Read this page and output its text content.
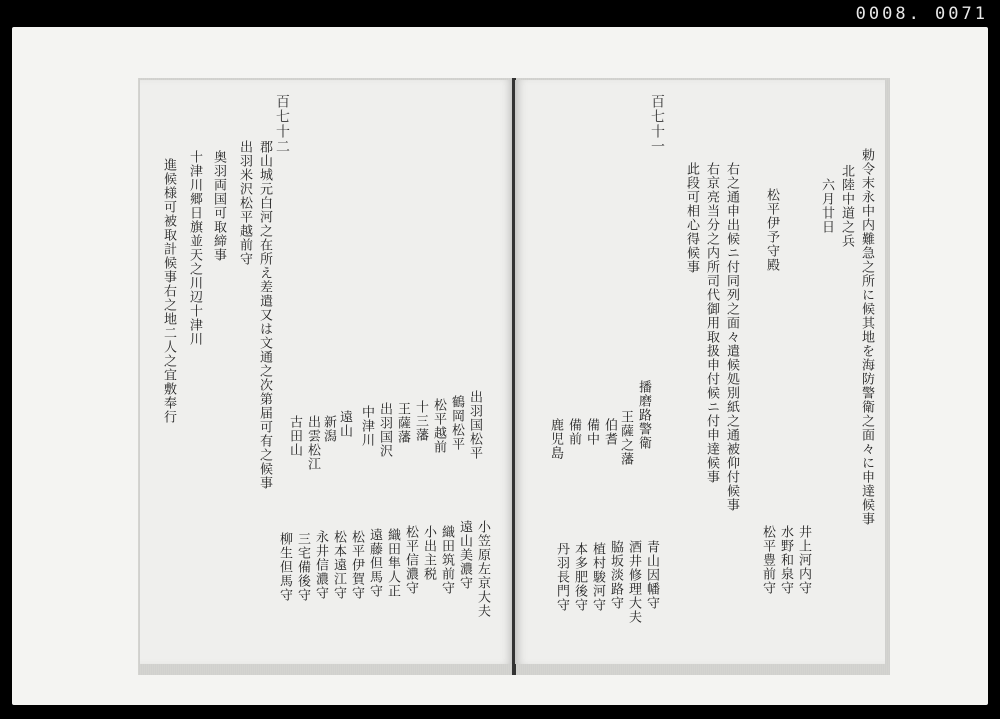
0008. 0071
百七十二
郡山城元白河之在所え差遣又は文通之次第届可有之候事
出羽米沢松平越前守
奥羽両国可取締事
十津川郷日旗並天之川辺十津川
進候様可被取計候事右之地二人之宜敷奉行
出羽国松平
鶴岡松平
松平越前
十三藩
王薩藩
出羽国沢
中津川
遠山
新潟
出雲松江
古田山
小笠原左京大夫
遠山美濃守
織田筑前守
小出主税
松平信濃守
織田隼人正
遠藤但馬守
松平伊賀守
松本遠江守
永井信濃守
三宅備後守
柳生但馬守
百七十一
勅令末永中内難急之所に候其地を海防警衛之面々に申達候事
北陸中道之兵
六月廿日
松平伊予守殿
右之通申出候ニ付同列之面々遣候処別紙之通被仰付候事
右京亮当分之内所司代御用取扱申付候ニ付申達候事
此段可相心得候事
播磨路警衛
王薩之藩
伯耆
備中
備前
鹿児島
青山因幡守
酒井修理大夫
脇坂淡路守
植村駿河守
本多肥後守
丹羽長門守	井上河内守
水野和泉守
松平豊前守
